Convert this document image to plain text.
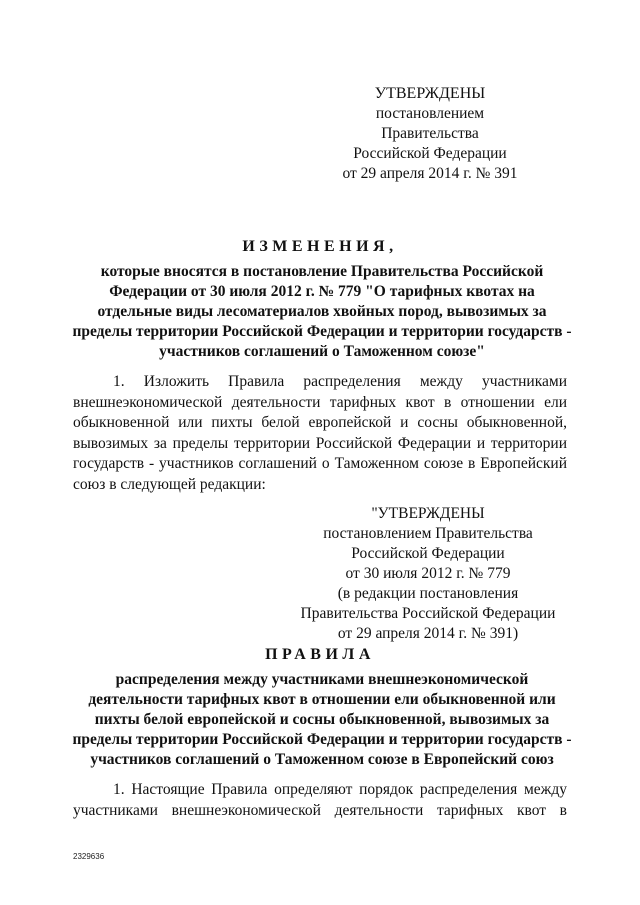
УТВЕРЖДЕНЫ
постановлением Правительства
Российской Федерации
от 29 апреля 2014 г. № 391
ИЗМЕНЕНИЯ,
которые вносятся в постановление Правительства Российской
Федерации от 30 июля 2012 г. № 779 "О тарифных квотах на
отдельные виды лесоматериалов хвойных пород, вывозимых за
пределы территории Российской Федерации и территории государств -
участников соглашений о Таможенном союзе"
1. Изложить Правила распределения между участниками
внешнеэкономической деятельности тарифных квот в отношении ели
обыкновенной или пихты белой европейской и сосны обыкновенной,
вывозимых за пределы территории Российской Федерации и территории
государств - участников соглашений о Таможенном союзе в Европейский
союз в следующей редакции:
"УТВЕРЖДЕНЫ
постановлением Правительства
Российской Федерации
от 30 июля 2012 г. № 779
(в редакции постановления
Правительства Российской Федерации
от 29 апреля 2014 г. № 391)
ПРАВИЛА
распределения между участниками внешнеэкономической
деятельности тарифных квот в отношении ели обыкновенной или
пихты белой европейской и сосны обыкновенной, вывозимых за
пределы территории Российской Федерации и территории государств -
участников соглашений о Таможенном союзе в Европейский союз
1. Настоящие Правила определяют порядок распределения между
участниками внешнеэкономической деятельности тарифных квот в
2329636
